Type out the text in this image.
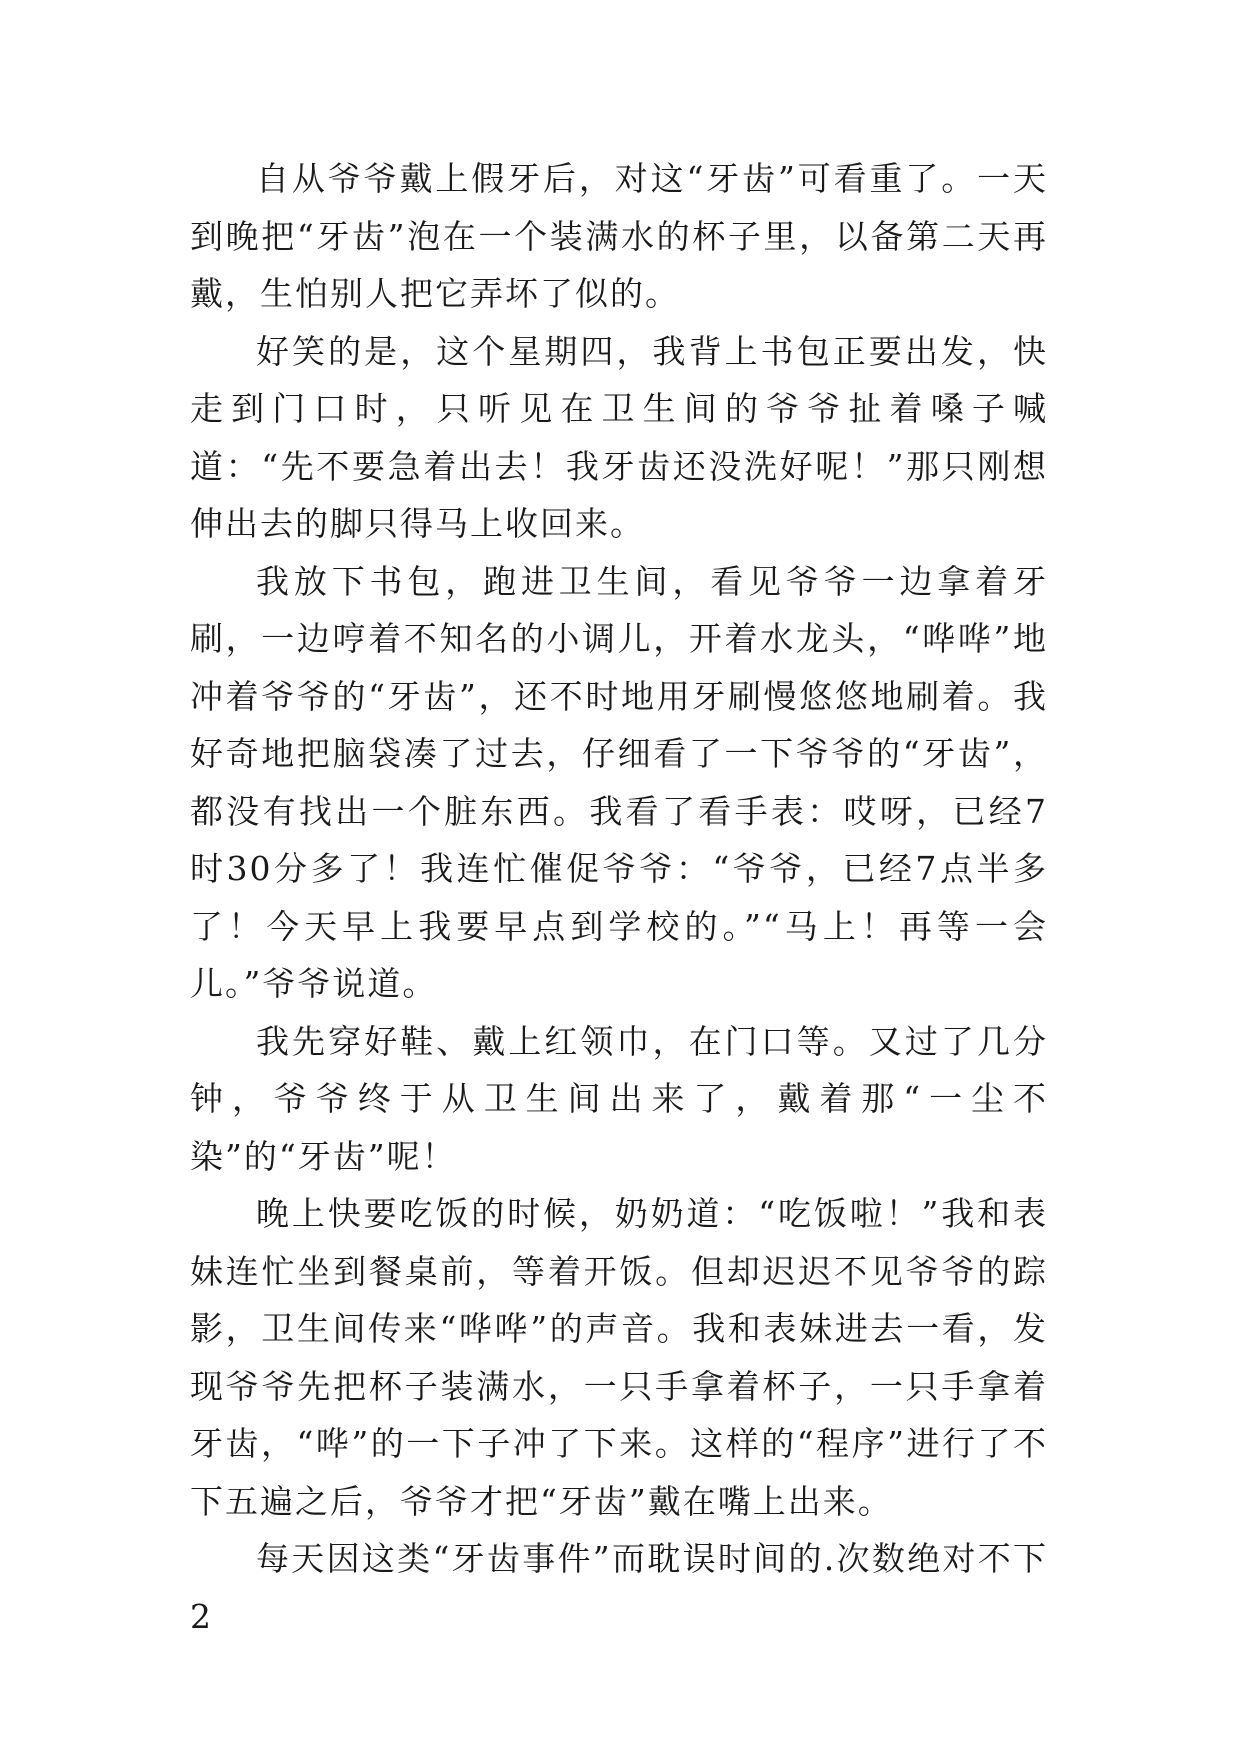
自从爷爷戴上假牙后，对这“牙齿”可看重了。一天到晚把“牙齿”泡在一个装满水的杯子里，以备第二天再戴，生怕别人把它弄坏了似的。

好笑的是，这个星期四，我背上书包正要出发，快走到门口时，只听见在卫生间的爷爷扯着嗓子喊道：“先不要急着出去！我牙齿还没洗好呢！”那只刚想伸出去的脚只得马上收回来。

我放下书包，跑进卫生间，看见爷爷一边拿着牙刷，一边哼着不知名的小调儿，开着水龙头，“哗哗”地冲着爷爷的“牙齿”，还不时地用牙刷慢悠悠地刷着。我好奇地把脑袋凑了过去，仔细看了一下爷爷的“牙齿”，都没有找出一个脏东西。我看了看手表：哎呀，已经7时30分多了！我连忙催促爷爷：“爷爷，已经7点半多了！今天早上我要早点到学校的。”“马上！再等一会儿。”爷爷说道。

我先穿好鞋、戴上红领巾，在门口等。又过了几分钟，爷爷终于从卫生间出来了，戴着那“一尘不染”的“牙齿”呢！

晚上快要吃饭的时候，奶奶道：“吃饭啦！”我和表妹连忙坐到餐桌前，等着开饭。但却迟迟不见爷爷的踪影，卫生间传来“哗哗”的声音。我和表妹进去一看，发现爷爷先把杯子装满水，一只手拿着杯子，一只手拿着牙齿，“哗”的一下子冲了下来。这样的“程序”进行了不下五遍之后，爷爷才把“牙齿”戴在嘴上出来。

每天因这类“牙齿事件”而耽误时间的.次数绝对不下2
